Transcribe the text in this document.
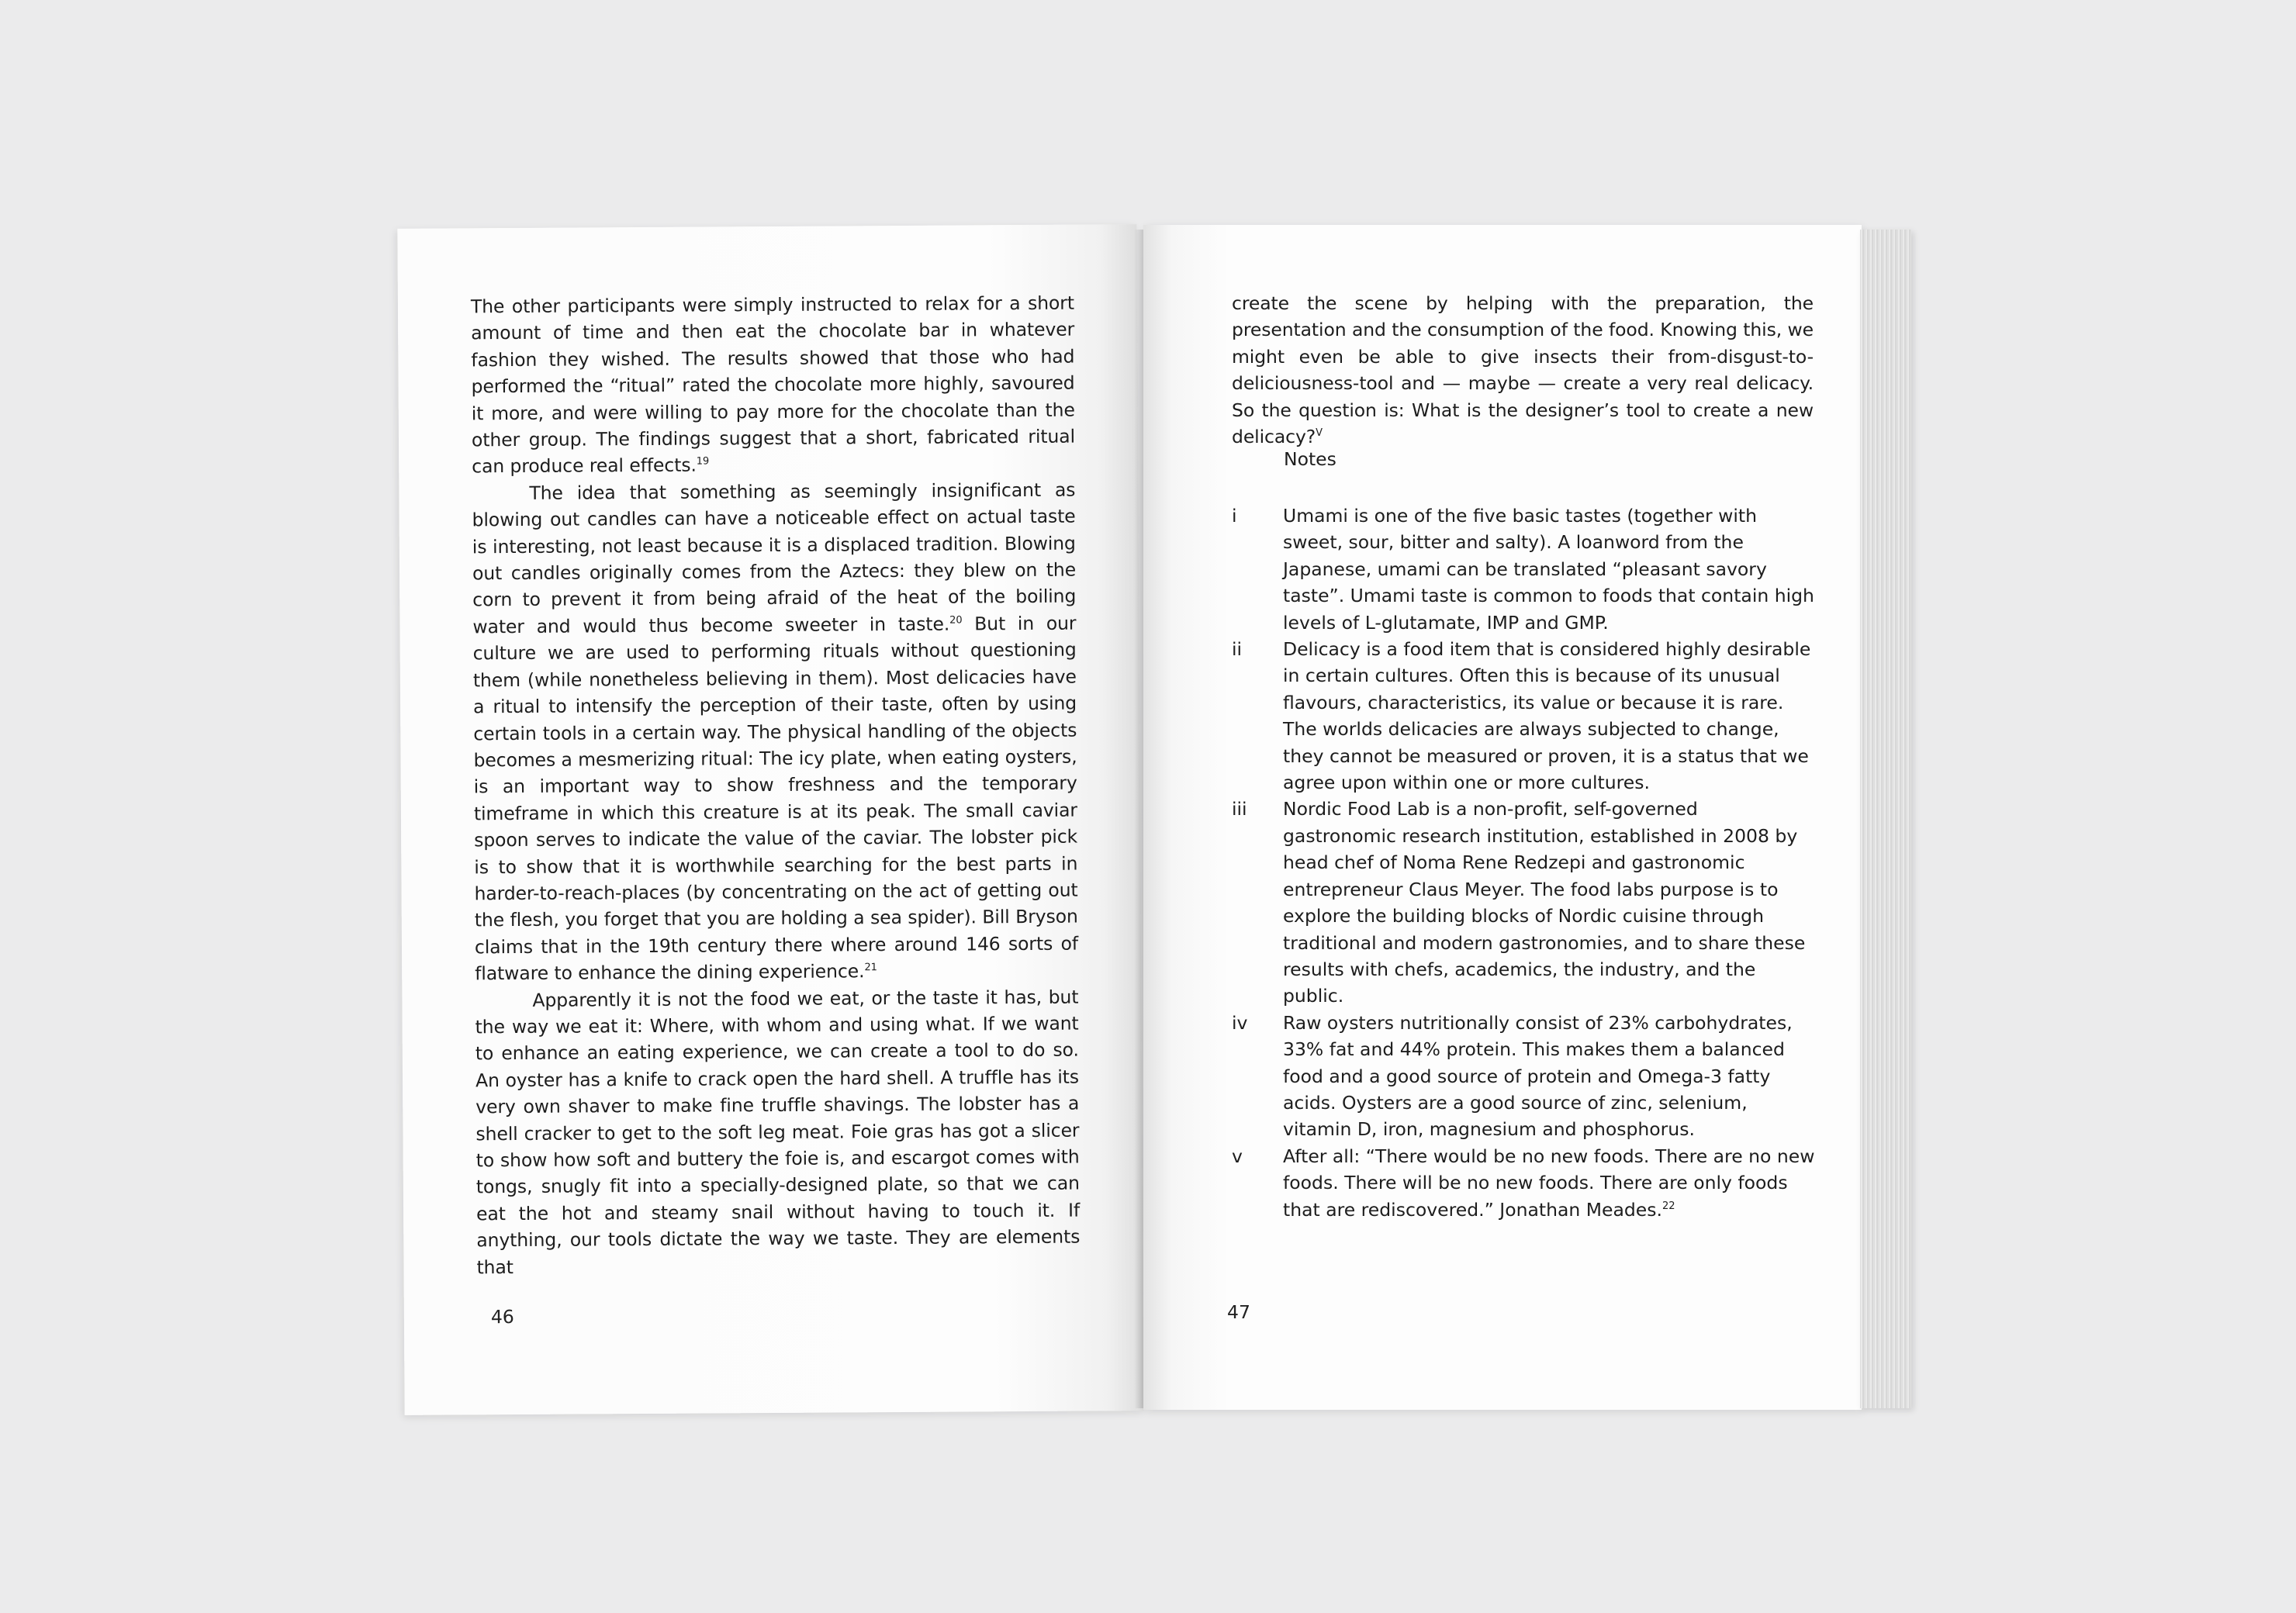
The other participants were simply instructed to relax for a short amount of time and then eat the chocolate bar in whatever fashion they wished. The results showed that those who had performed the “ritual” rated the chocolate more highly, savoured it more, and were willing to pay more for the chocolate than the other group. The findings suggest that a short, fabricated ritual can produce real effects.$^{19}$

The idea that something as seemingly insignificant as blowing out candles can have a noticeable effect on actual taste is interesting, not least because it is a displaced tradition. Blowing out candles originally comes from the Aztecs: they blew on the corn to prevent it from being afraid of the heat of the boiling water and would thus become sweeter in taste.$^{20}$ But in our culture we are used to performing rituals without questioning them (while nonetheless believing in them). Most delicacies have a ritual to intensify the perception of their taste, often by using certain tools in a certain way. The physical handling of the objects becomes a mesmerizing ritual: The icy plate, when eating oysters, is an important way to show freshness and the temporary timeframe in which this creature is at its peak. The small caviar spoon serves to indicate the value of the caviar. The lobster pick is to show that it is worthwhile searching for the best parts in harder-to-reach-places (by concentrating on the act of getting out the flesh, you forget that you are holding a sea spider). Bill Bryson claims that in the 19th century there where around 146 sorts of flatware to enhance the dining experience.$^{21}$

Apparently it is not the food we eat, or the taste it has, but the way we eat it: Where, with whom and using what. If we want to enhance an eating experience, we can create a tool to do so. An oyster has a knife to crack open the hard shell. A truffle has its very own shaver to make fine truffle shavings. The lobster has a shell cracker to get to the soft leg meat. Foie gras has got a slicer to show how soft and buttery the foie is, and escargot comes with tongs, snugly fit into a specially-designed plate, so that we can eat the hot and steamy snail without having to touch it. If anything, our tools dictate the way we taste. They are elements that

46
create the scene by helping with the preparation, the presentation and the consumption of the food. Knowing this, we might even be able to give insects their from-disgust-to-deliciousness-tool and — maybe — create a very real delicacy. So the question is: What is the designer’s tool to create a new delicacy?$^V$
Notes
i	Umami is one of the five basic tastes (together with sweet, sour, bitter and salty). A loanword from the Japanese, umami can be translated “pleasant savory taste”. Umami taste is common to foods that contain high levels of L-glutamate, IMP and GMP.
ii	Delicacy is a food item that is considered highly desirable in certain cultures. Often this is because of its unusual flavours, characteristics, its value or because it is rare. The worlds delicacies are always subjected to change, they cannot be measured or proven, it is a status that we agree upon within one or more cultures.
iii	Nordic Food Lab is a non-profit, self-governed gastronomic research institution, established in 2008 by head chef of Noma Rene Redzepi and gastronomic entrepreneur Claus Meyer. The food labs purpose is to explore the building blocks of Nordic cuisine through traditional and modern gastronomies, and to share these results with chefs, academics, the industry, and the public.
iv	Raw oysters nutritionally consist of 23% carbohydrates, 33% fat and 44% protein. This makes them a balanced food and a good source of protein and Omega-3 fatty acids. Oysters are a good source of zinc, selenium, vitamin D, iron, magnesium and phosphorus.
v	After all: “There would be no new foods. There are no new foods. There will be no new foods. There are only foods that are rediscovered.” Jonathan Meades.$^{22}$
47
